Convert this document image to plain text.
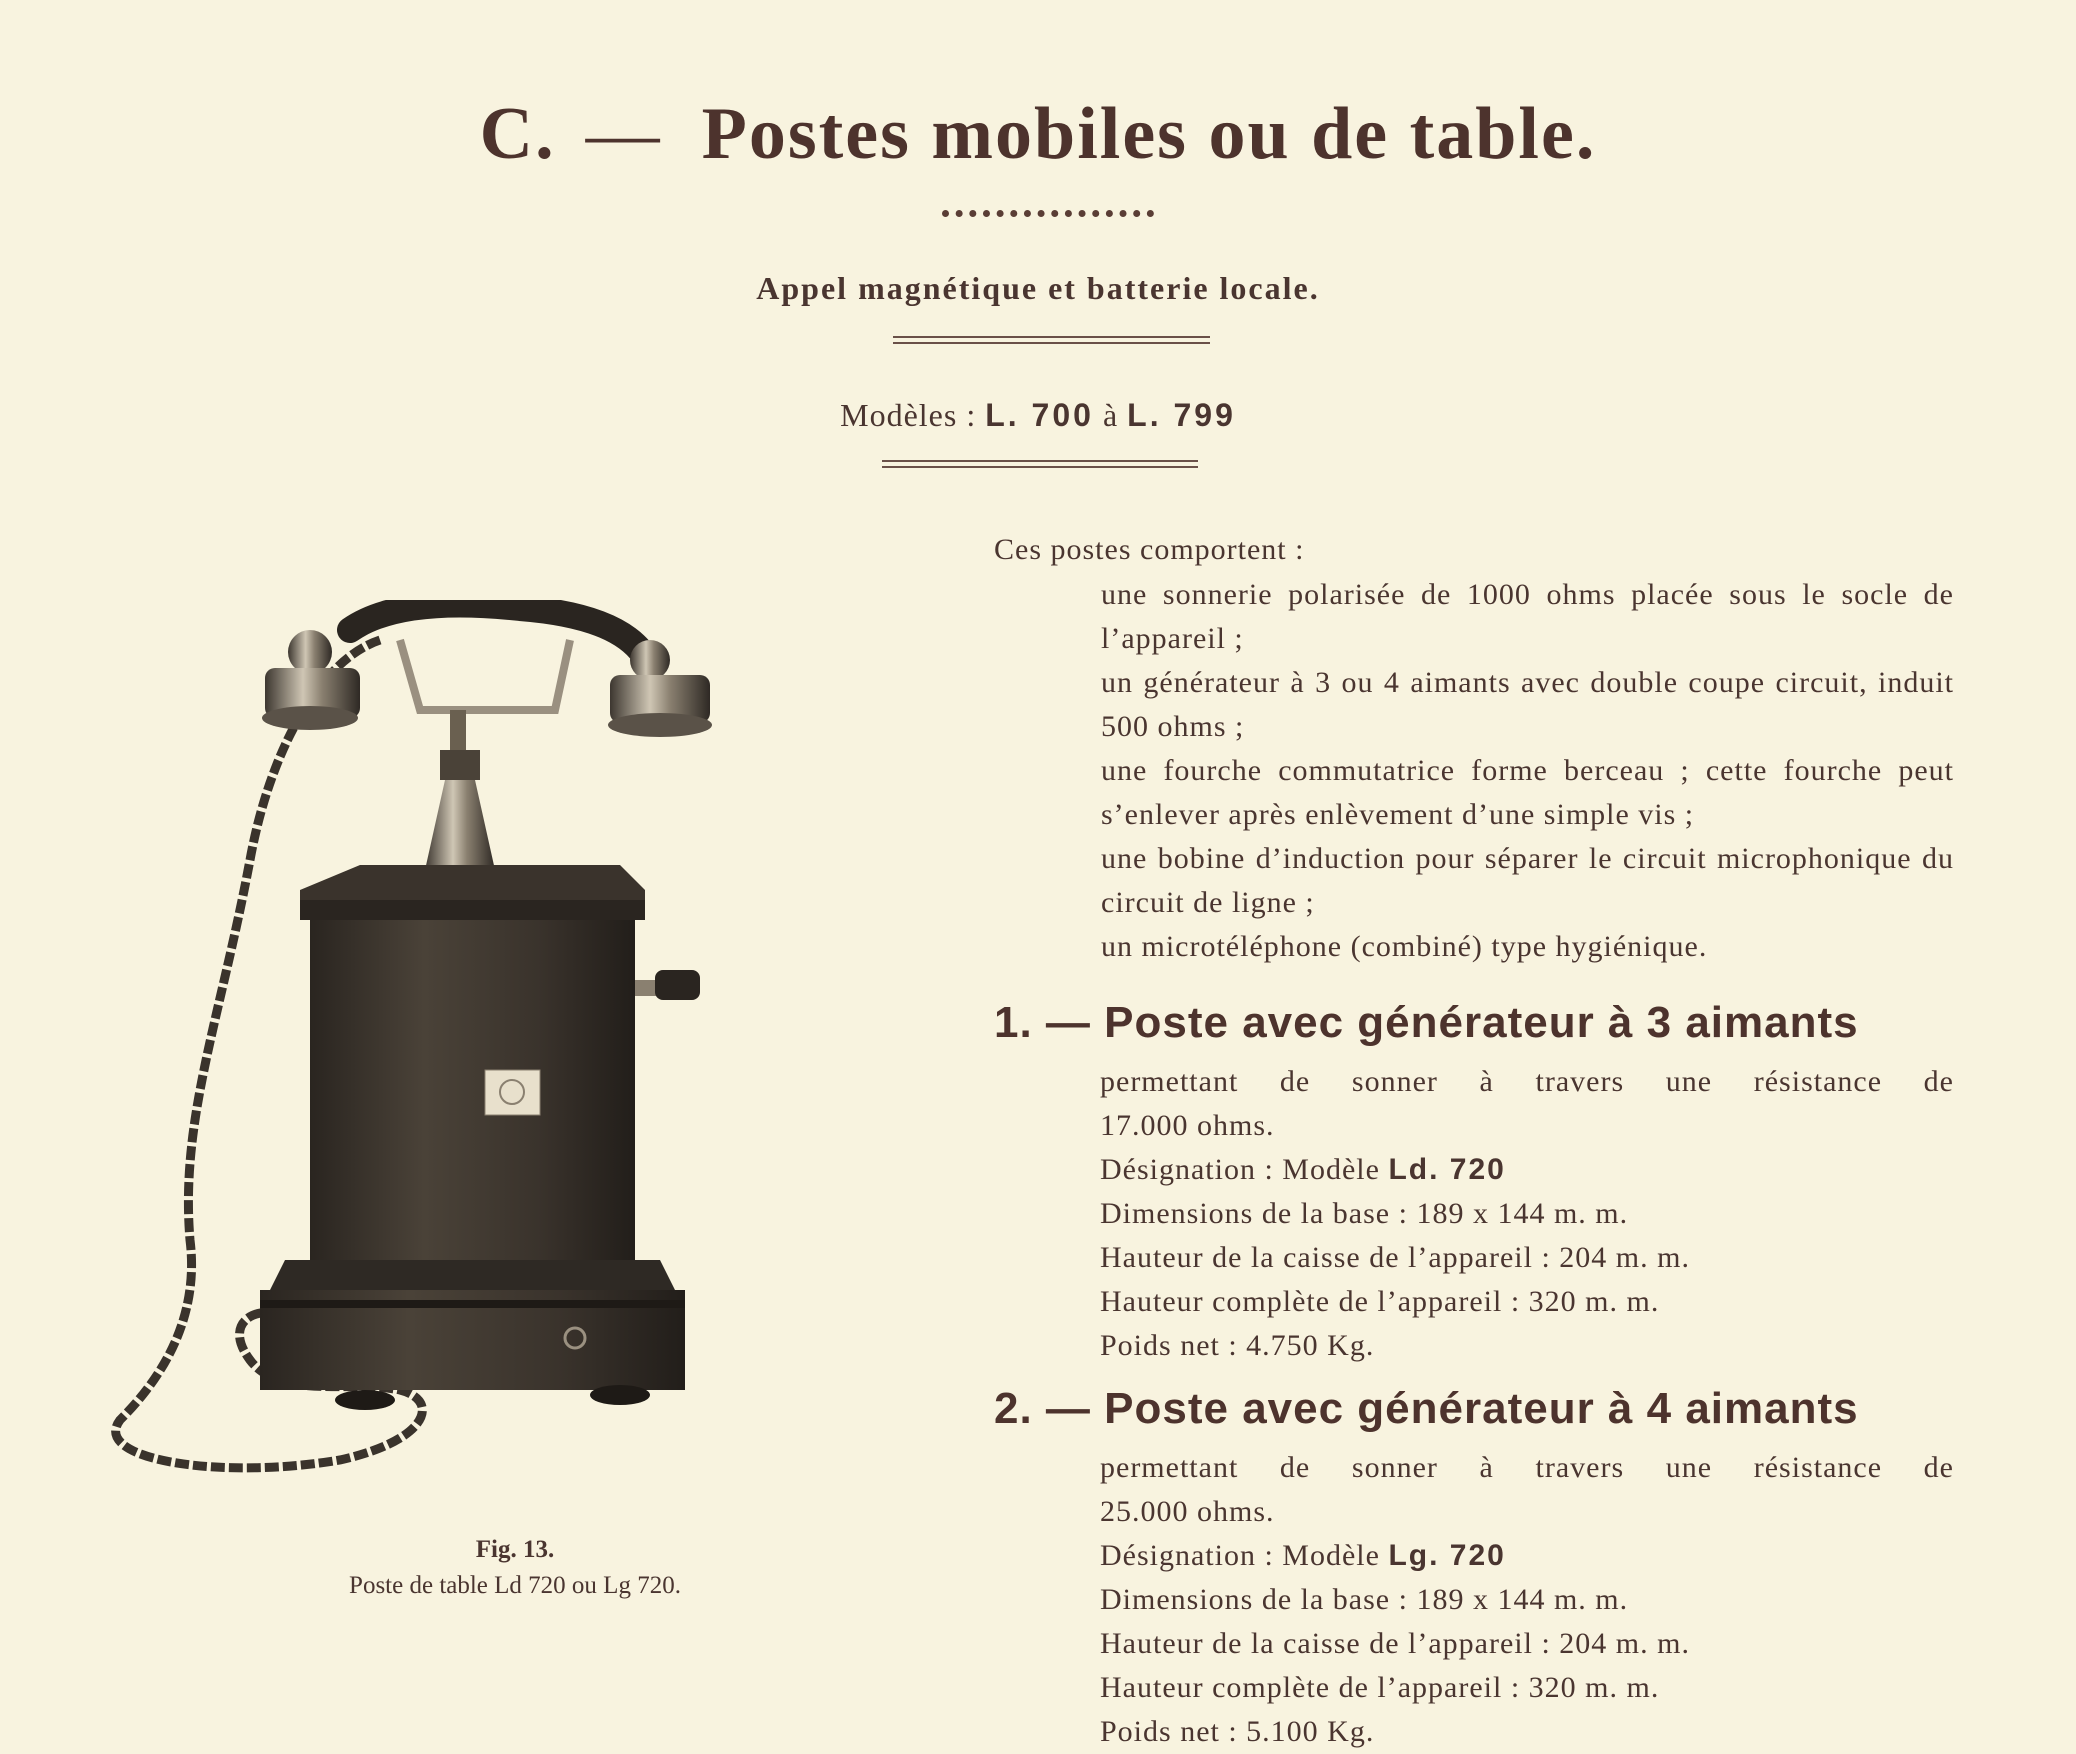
C. — Postes mobiles ou de table.
Appel magnétique et batterie locale.
Modèles : L. 700 à L. 799
Ces postes comportent :
une sonnerie polarisée de 1000 ohms placée sous le socle de l’appareil ;
un générateur à 3 ou 4 aimants avec double coupe circuit, induit 500 ohms ;
une fourche commutatrice forme berceau ; cette fourche peut s’enlever après enlèvement d’une simple vis ;
une bobine d’induction pour séparer le circuit microphonique du circuit de ligne ;
un microtéléphone (combiné) type hygiénique.
1. — Poste avec générateur à 3 aimants
permettant de sonner à travers une résistance de
17.000 ohms.
Désignation : Modèle Ld. 720
Dimensions de la base : 189 x 144 m. m.
Hauteur de la caisse de l’appareil : 204 m. m.
Hauteur complète de l’appareil : 320 m. m.
Poids net : 4.750 Kg.
2. — Poste avec générateur à 4 aimants
permettant de sonner à travers une résistance de
25.000 ohms.
Désignation : Modèle Lg. 720
Dimensions de la base : 189 x 144 m. m.
Hauteur de la caisse de l’appareil : 204 m. m.
Hauteur complète de l’appareil : 320 m. m.
Poids net : 5.100 Kg.
Fig. 13.
Poste de table Ld 720 ou Lg 720.
